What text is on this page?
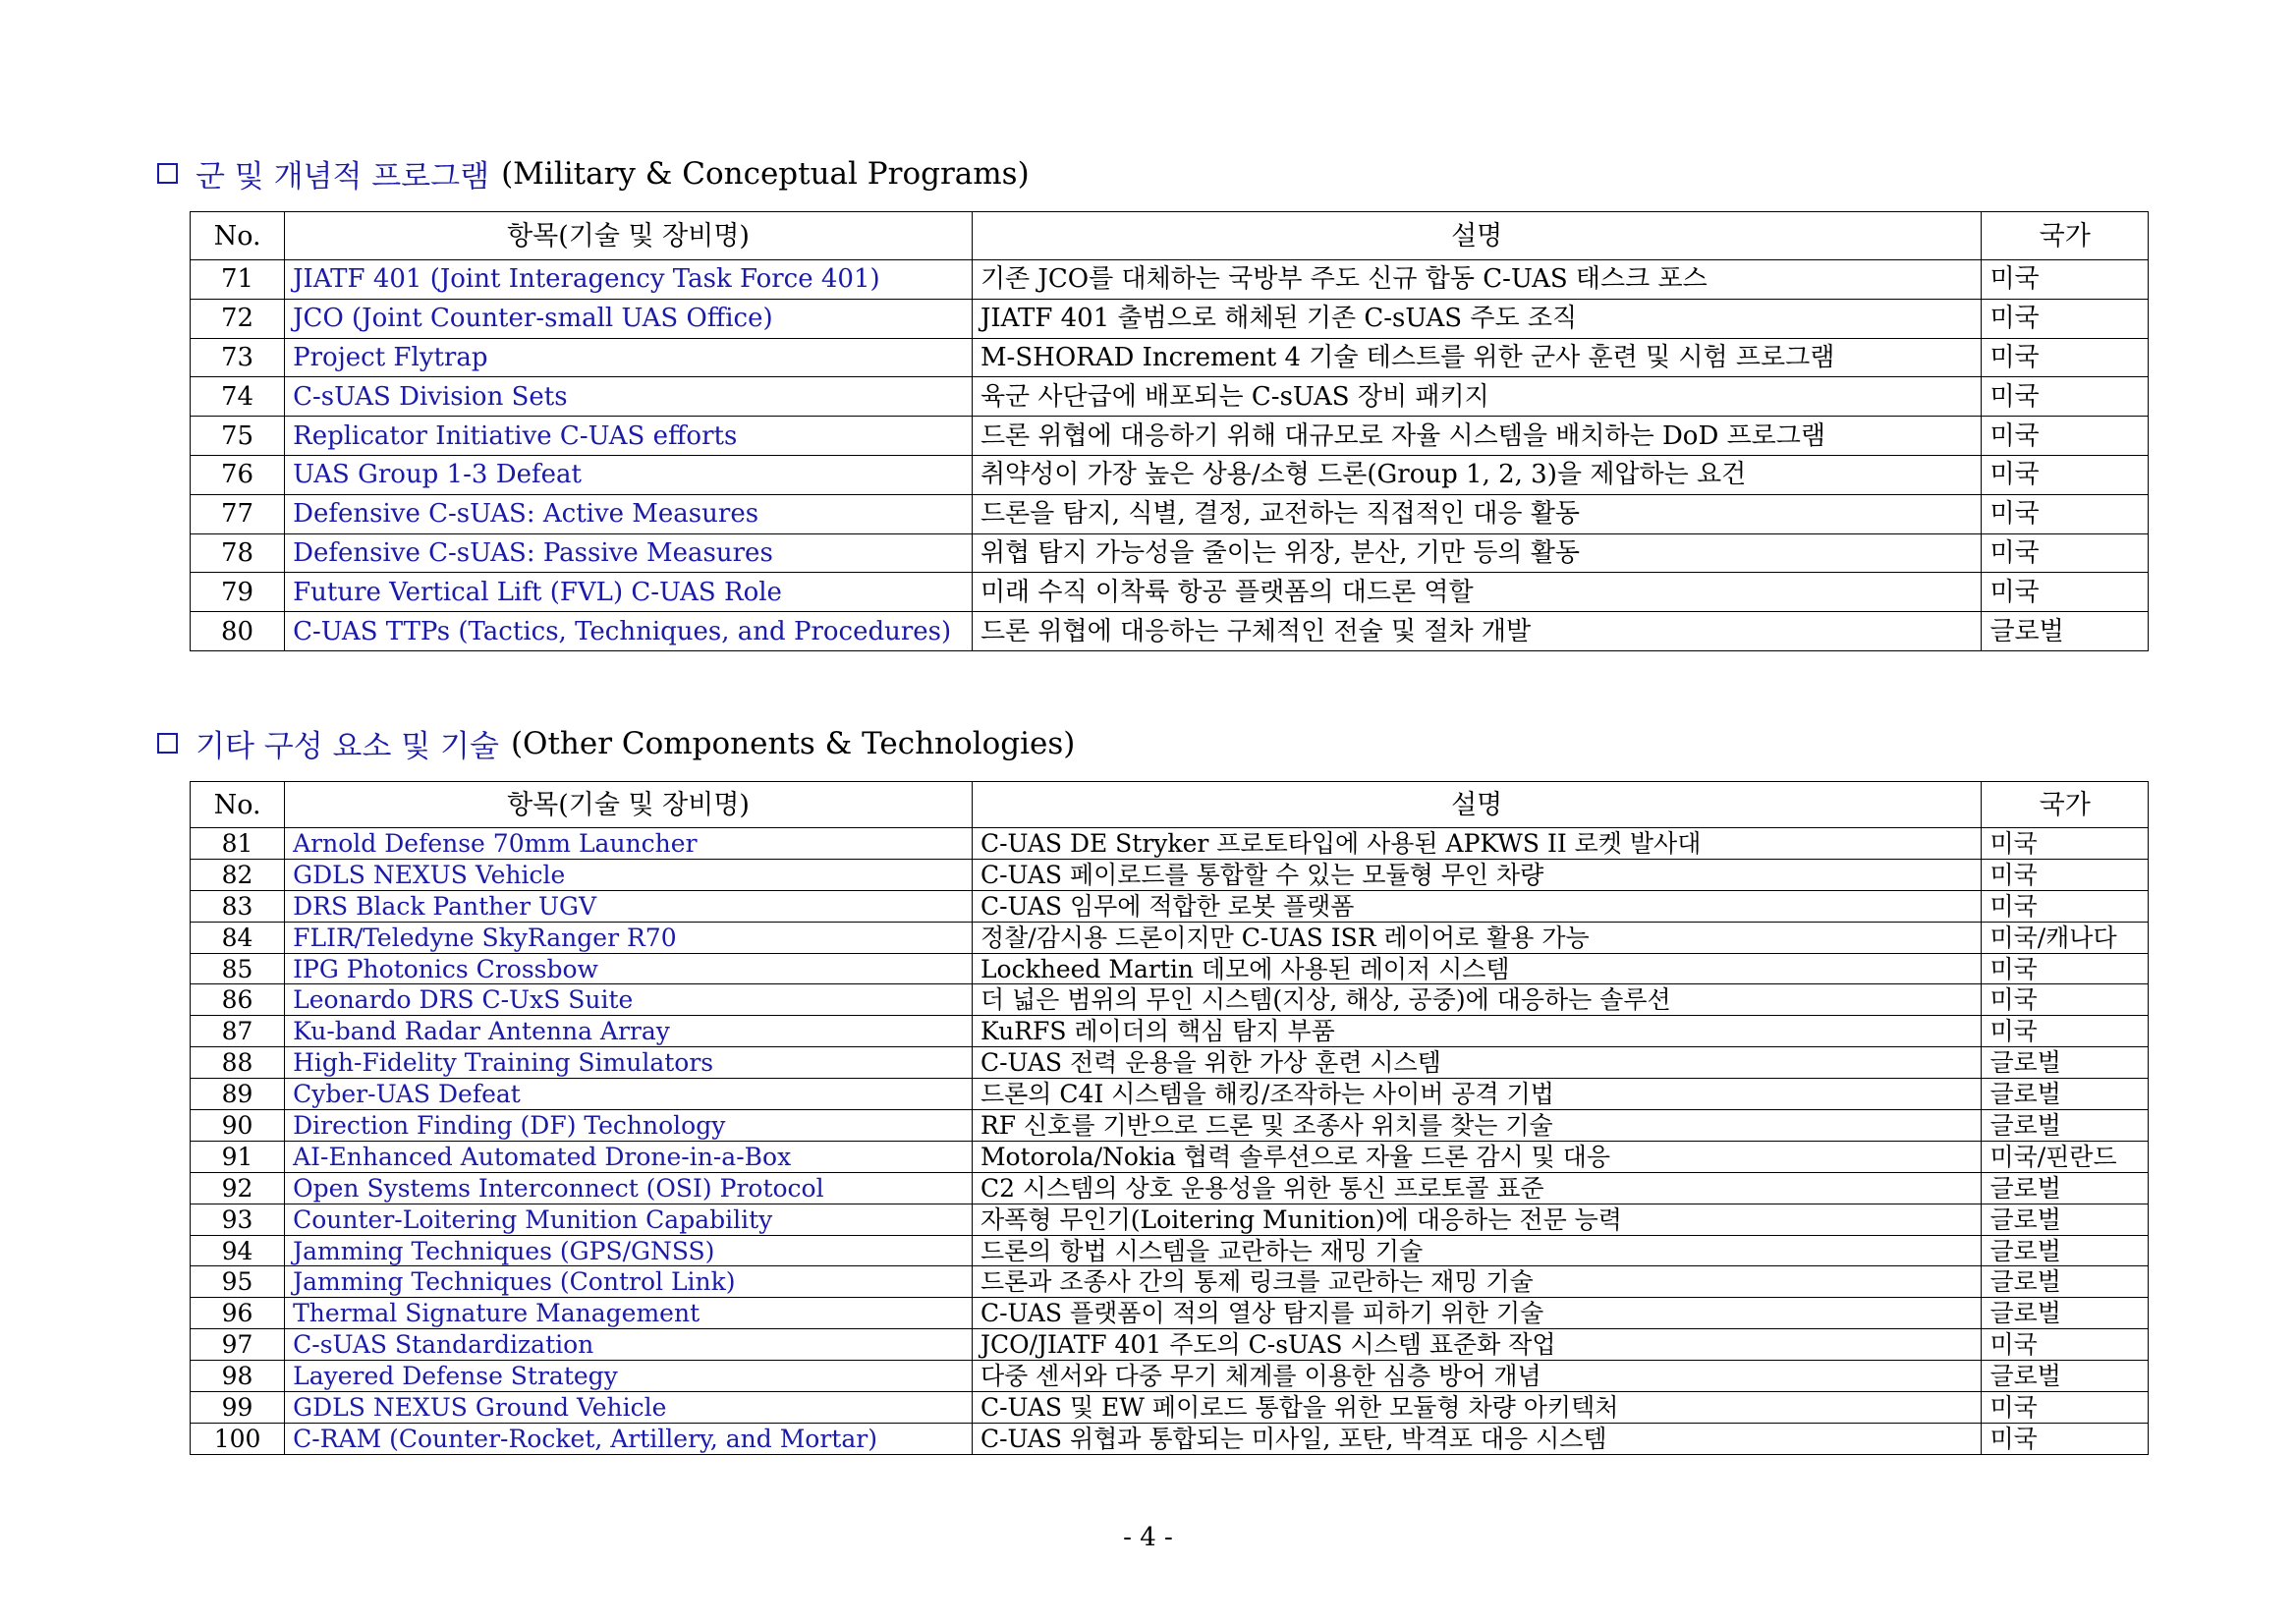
군 및 개념적 프로그램 (Military & Conceptual Programs)
No.	항목(기술 및 장비명)	설명	국가
71	JIATF 401 (Joint Interagency Task Force 401)	기존 JCO를 대체하는 국방부 주도 신규 합동 C-UAS 태스크 포스	미국
72	JCO (Joint Counter-small UAS Office)	JIATF 401 출범으로 해체된 기존 C-sUAS 주도 조직	미국
73	Project Flytrap	M-SHORAD Increment 4 기술 테스트를 위한 군사 훈련 및 시험 프로그램	미국
74	C-sUAS Division Sets	육군 사단급에 배포되는 C-sUAS 장비 패키지	미국
75	Replicator Initiative C-UAS efforts	드론 위협에 대응하기 위해 대규모로 자율 시스템을 배치하는 DoD 프로그램	미국
76	UAS Group 1-3 Defeat	취약성이 가장 높은 상용/소형 드론(Group 1, 2, 3)을 제압하는 요건	미국
77	Defensive C-sUAS: Active Measures	드론을 탐지, 식별, 결정, 교전하는 직접적인 대응 활동	미국
78	Defensive C-sUAS: Passive Measures	위협 탐지 가능성을 줄이는 위장, 분산, 기만 등의 활동	미국
79	Future Vertical Lift (FVL) C-UAS Role	미래 수직 이착륙 항공 플랫폼의 대드론 역할	미국
80	C-UAS TTPs (Tactics, Techniques, and Procedures)	드론 위협에 대응하는 구체적인 전술 및 절차 개발	글로벌
기타 구성 요소 및 기술 (Other Components & Technologies)
No.	항목(기술 및 장비명)	설명	국가
81	Arnold Defense 70mm Launcher	C-UAS DE Stryker 프로토타입에 사용된 APKWS II 로켓 발사대	미국
82	GDLS NEXUS Vehicle	C-UAS 페이로드를 통합할 수 있는 모듈형 무인 차량	미국
83	DRS Black Panther UGV	C-UAS 임무에 적합한 로봇 플랫폼	미국
84	FLIR/Teledyne SkyRanger R70	정찰/감시용 드론이지만 C-UAS ISR 레이어로 활용 가능	미국/캐나다
85	IPG Photonics Crossbow	Lockheed Martin 데모에 사용된 레이저 시스템	미국
86	Leonardo DRS C-UxS Suite	더 넓은 범위의 무인 시스템(지상, 해상, 공중)에 대응하는 솔루션	미국
87	Ku-band Radar Antenna Array	KuRFS 레이더의 핵심 탐지 부품	미국
88	High-Fidelity Training Simulators	C-UAS 전력 운용을 위한 가상 훈련 시스템	글로벌
89	Cyber-UAS Defeat	드론의 C4I 시스템을 해킹/조작하는 사이버 공격 기법	글로벌
90	Direction Finding (DF) Technology	RF 신호를 기반으로 드론 및 조종사 위치를 찾는 기술	글로벌
91	AI-Enhanced Automated Drone-in-a-Box	Motorola/Nokia 협력 솔루션으로 자율 드론 감시 및 대응	미국/핀란드
92	Open Systems Interconnect (OSI) Protocol	C2 시스템의 상호 운용성을 위한 통신 프로토콜 표준	글로벌
93	Counter-Loitering Munition Capability	자폭형 무인기(Loitering Munition)에 대응하는 전문 능력	글로벌
94	Jamming Techniques (GPS/GNSS)	드론의 항법 시스템을 교란하는 재밍 기술	글로벌
95	Jamming Techniques (Control Link)	드론과 조종사 간의 통제 링크를 교란하는 재밍 기술	글로벌
96	Thermal Signature Management	C-UAS 플랫폼이 적의 열상 탐지를 피하기 위한 기술	글로벌
97	C-sUAS Standardization	JCO/JIATF 401 주도의 C-sUAS 시스템 표준화 작업	미국
98	Layered Defense Strategy	다중 센서와 다중 무기 체계를 이용한 심층 방어 개념	글로벌
99	GDLS NEXUS Ground Vehicle	C-UAS 및 EW 페이로드 통합을 위한 모듈형 차량 아키텍처	미국
100	C-RAM (Counter-Rocket, Artillery, and Mortar)	C-UAS 위협과 통합되는 미사일, 포탄, 박격포 대응 시스템	미국
- 4 -
